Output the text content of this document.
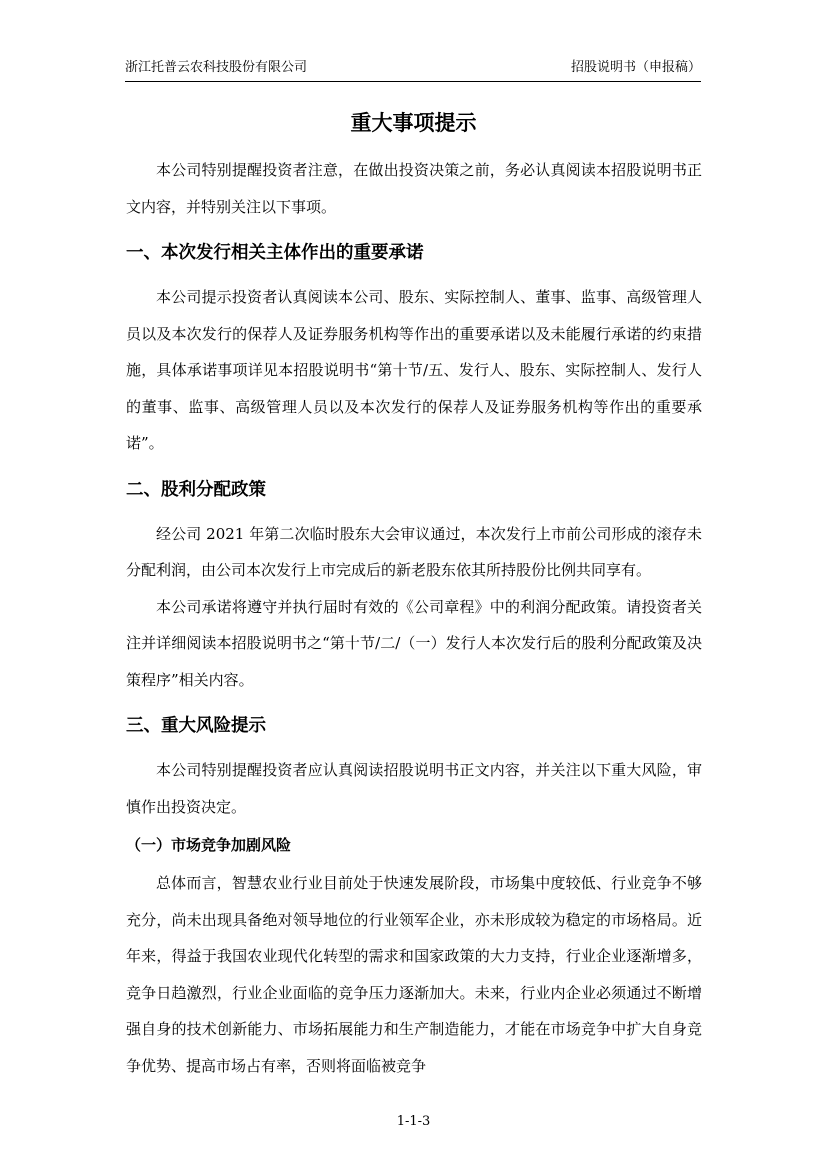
浙江托普云农科技股份有限公司	招股说明书（申报稿）
重大事项提示

本公司特别提醒投资者注意，在做出投资决策之前，务必认真阅读本招股说明书正文内容，并特别关注以下事项。

一、本次发行相关主体作出的重要承诺

本公司提示投资者认真阅读本公司、股东、实际控制人、董事、监事、高级管理人员以及本次发行的保荐人及证券服务机构等作出的重要承诺以及未能履行承诺的约束措施，具体承诺事项详见本招股说明书“第十节/五、发行人、股东、实际控制人、发行人的董事、监事、高级管理人员以及本次发行的保荐人及证券服务机构等作出的重要承诺”。

二、股利分配政策

经公司 2021 年第二次临时股东大会审议通过，本次发行上市前公司形成的滚存未分配利润，由公司本次发行上市完成后的新老股东依其所持股份比例共同享有。

本公司承诺将遵守并执行届时有效的《公司章程》中的利润分配政策。请投资者关注并详细阅读本招股说明书之“第十节/二/（一）发行人本次发行后的股利分配政策及决策程序”相关内容。

三、重大风险提示

本公司特别提醒投资者应认真阅读招股说明书正文内容，并关注以下重大风险，审慎作出投资决定。

（一）市场竞争加剧风险

总体而言，智慧农业行业目前处于快速发展阶段，市场集中度较低、行业竞争不够充分，尚未出现具备绝对领导地位的行业领军企业，亦未形成较为稳定的市场格局。近年来，得益于我国农业现代化转型的需求和国家政策的大力支持，行业企业逐渐增多，竞争日趋激烈，行业企业面临的竞争压力逐渐加大。未来，行业内企业必须通过不断增强自身的技术创新能力、市场拓展能力和生产制造能力，才能在市场竞争中扩大自身竞争优势、提高市场占有率，否则将面临被竞争

1-1-3
